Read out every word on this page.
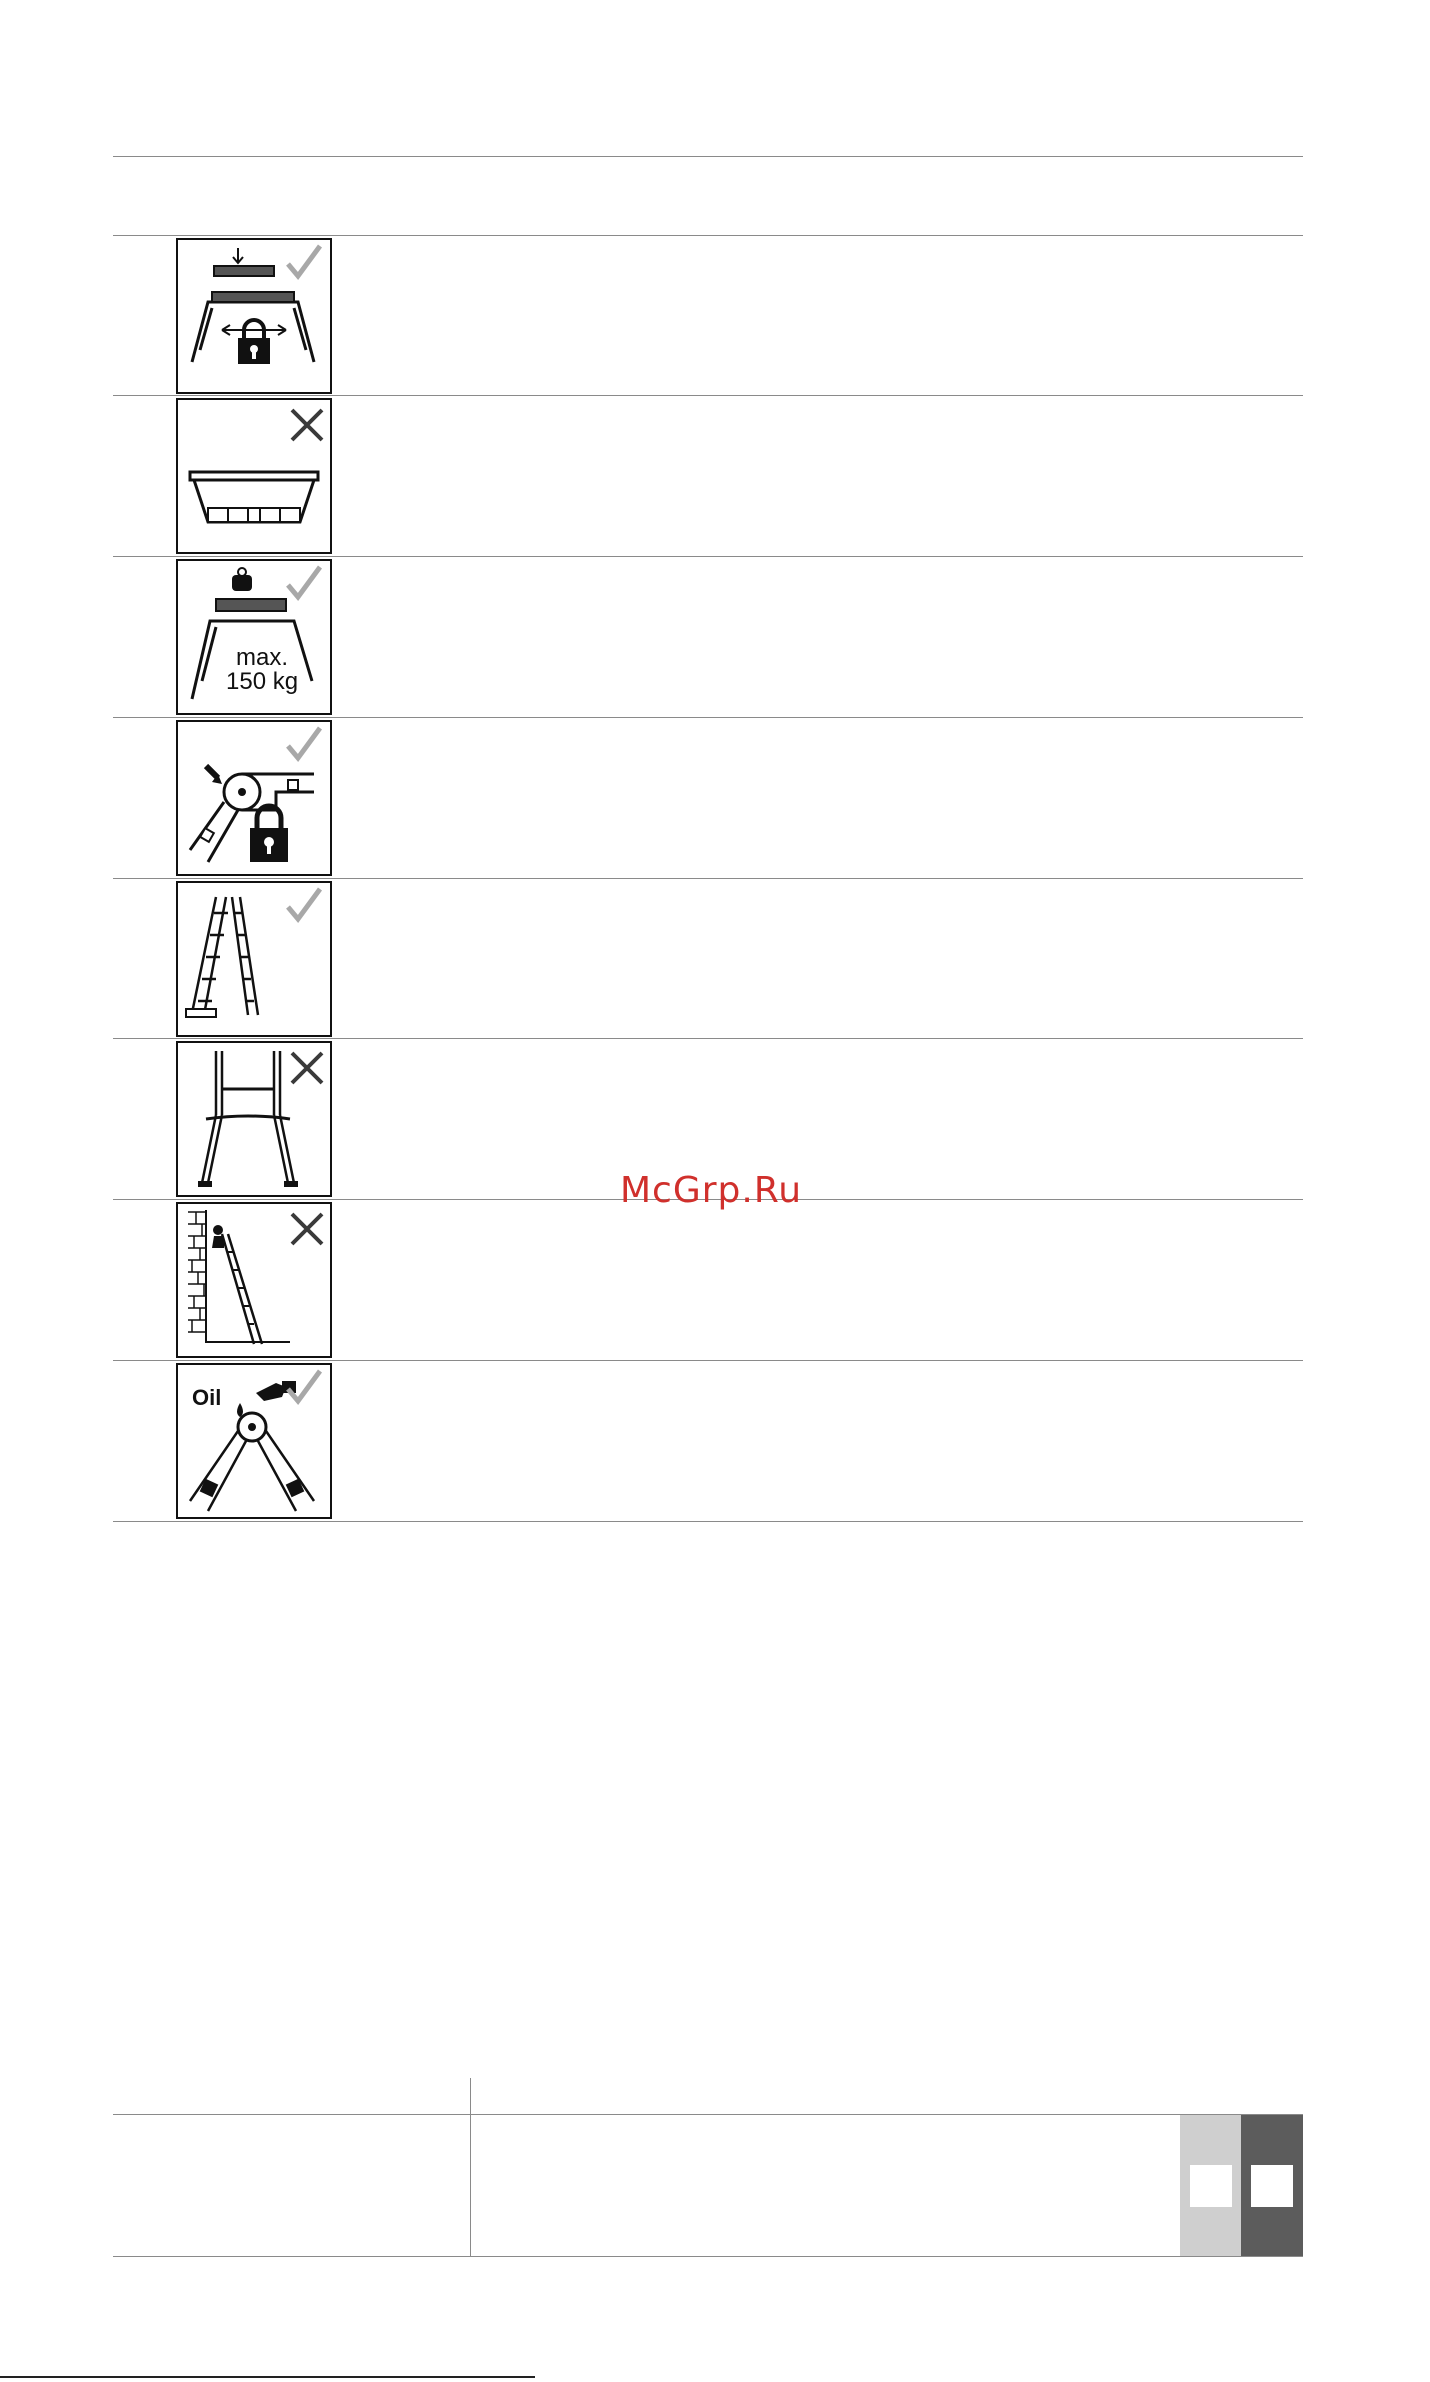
max.
150 kg
Oil
McGrp.Ru
